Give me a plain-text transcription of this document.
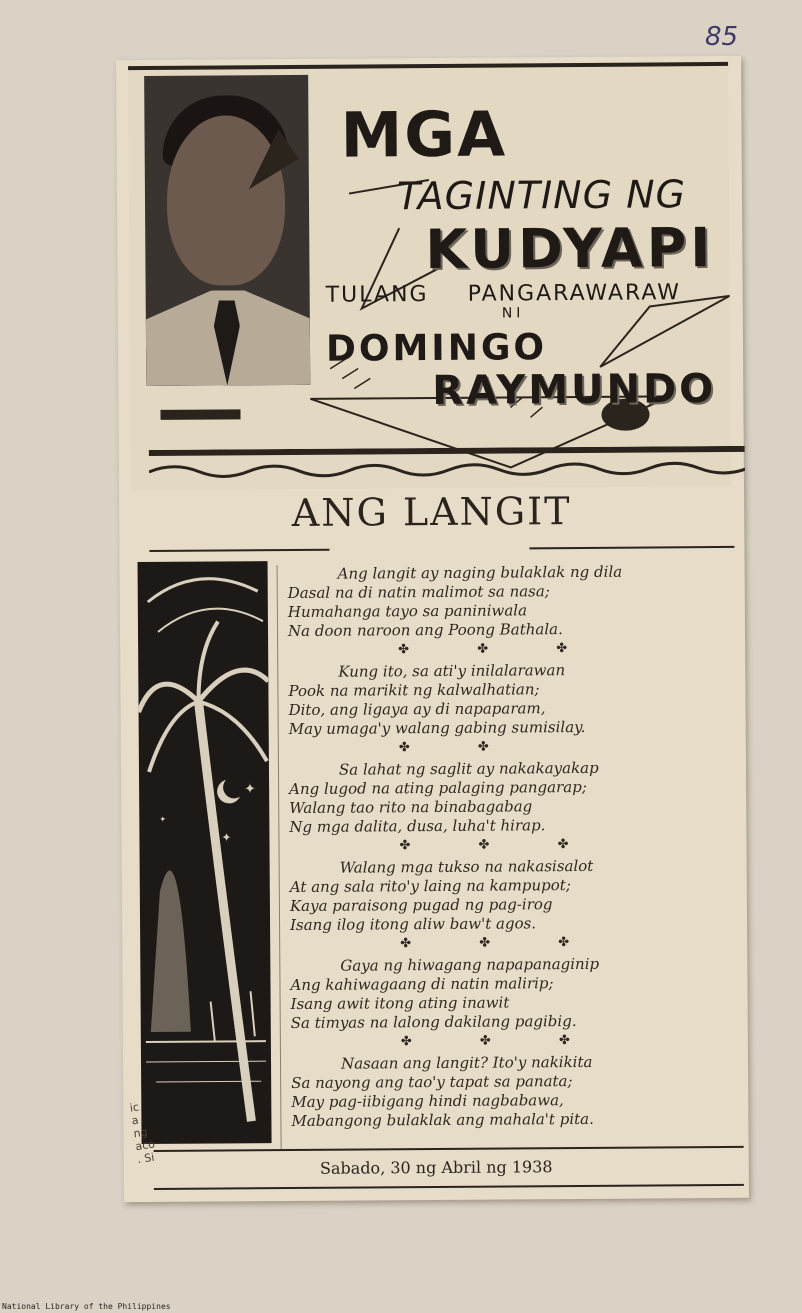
85
MGA
TAGINTING NG
KUDYAPI
TULANG PANGARAWARAW
NI
DOMINGO
RAYMUNDO
ANG LANGIT
✦
✦
✦
Ang langit ay naging bulaklak ng dila
Dasal na di natin malimot sa nasa;
Humahanga tayo sa paniniwala
Na doon naroon ang Poong Bathala.
✤ ✤ ✤
Kung ito, sa ati'y inilalarawan
Pook na marikit ng kalwalhatian;
Dito, ang ligaya ay di napaparam,
May umaga'y walang gabing sumisilay.
✤ ✤
Sa lahat ng saglit ay nakakayakap
Ang lugod na ating palaging pangarap;
Walang tao rito na binabagabag
Ng mga dalita, dusa, luha't hirap.
✤ ✤ ✤
Walang mga tukso na nakasisalot
At ang sala rito'y laing na kampupot;
Kaya paraisong pugad ng pag-irog
Isang ilog itong aliw baw't agos.
✤ ✤ ✤
Gaya ng hiwagang napapanaginip
Ang kahiwagaang di natin malirip;
Isang awit itong ating inawit
Sa timyas na lalong dakilang pagibig.
✤ ✤ ✤
Nasaan ang langit? Ito'y nakikita
Sa nayong ang tao'y tapat sa panata;
May pag-iibigang hindi nagbabawa,
Mabangong bulaklak ang mahala't pita.
Sabado, 30 ng Abril ng 1938
ic
a
ng
aco
. Si
National Library of the Philippines
